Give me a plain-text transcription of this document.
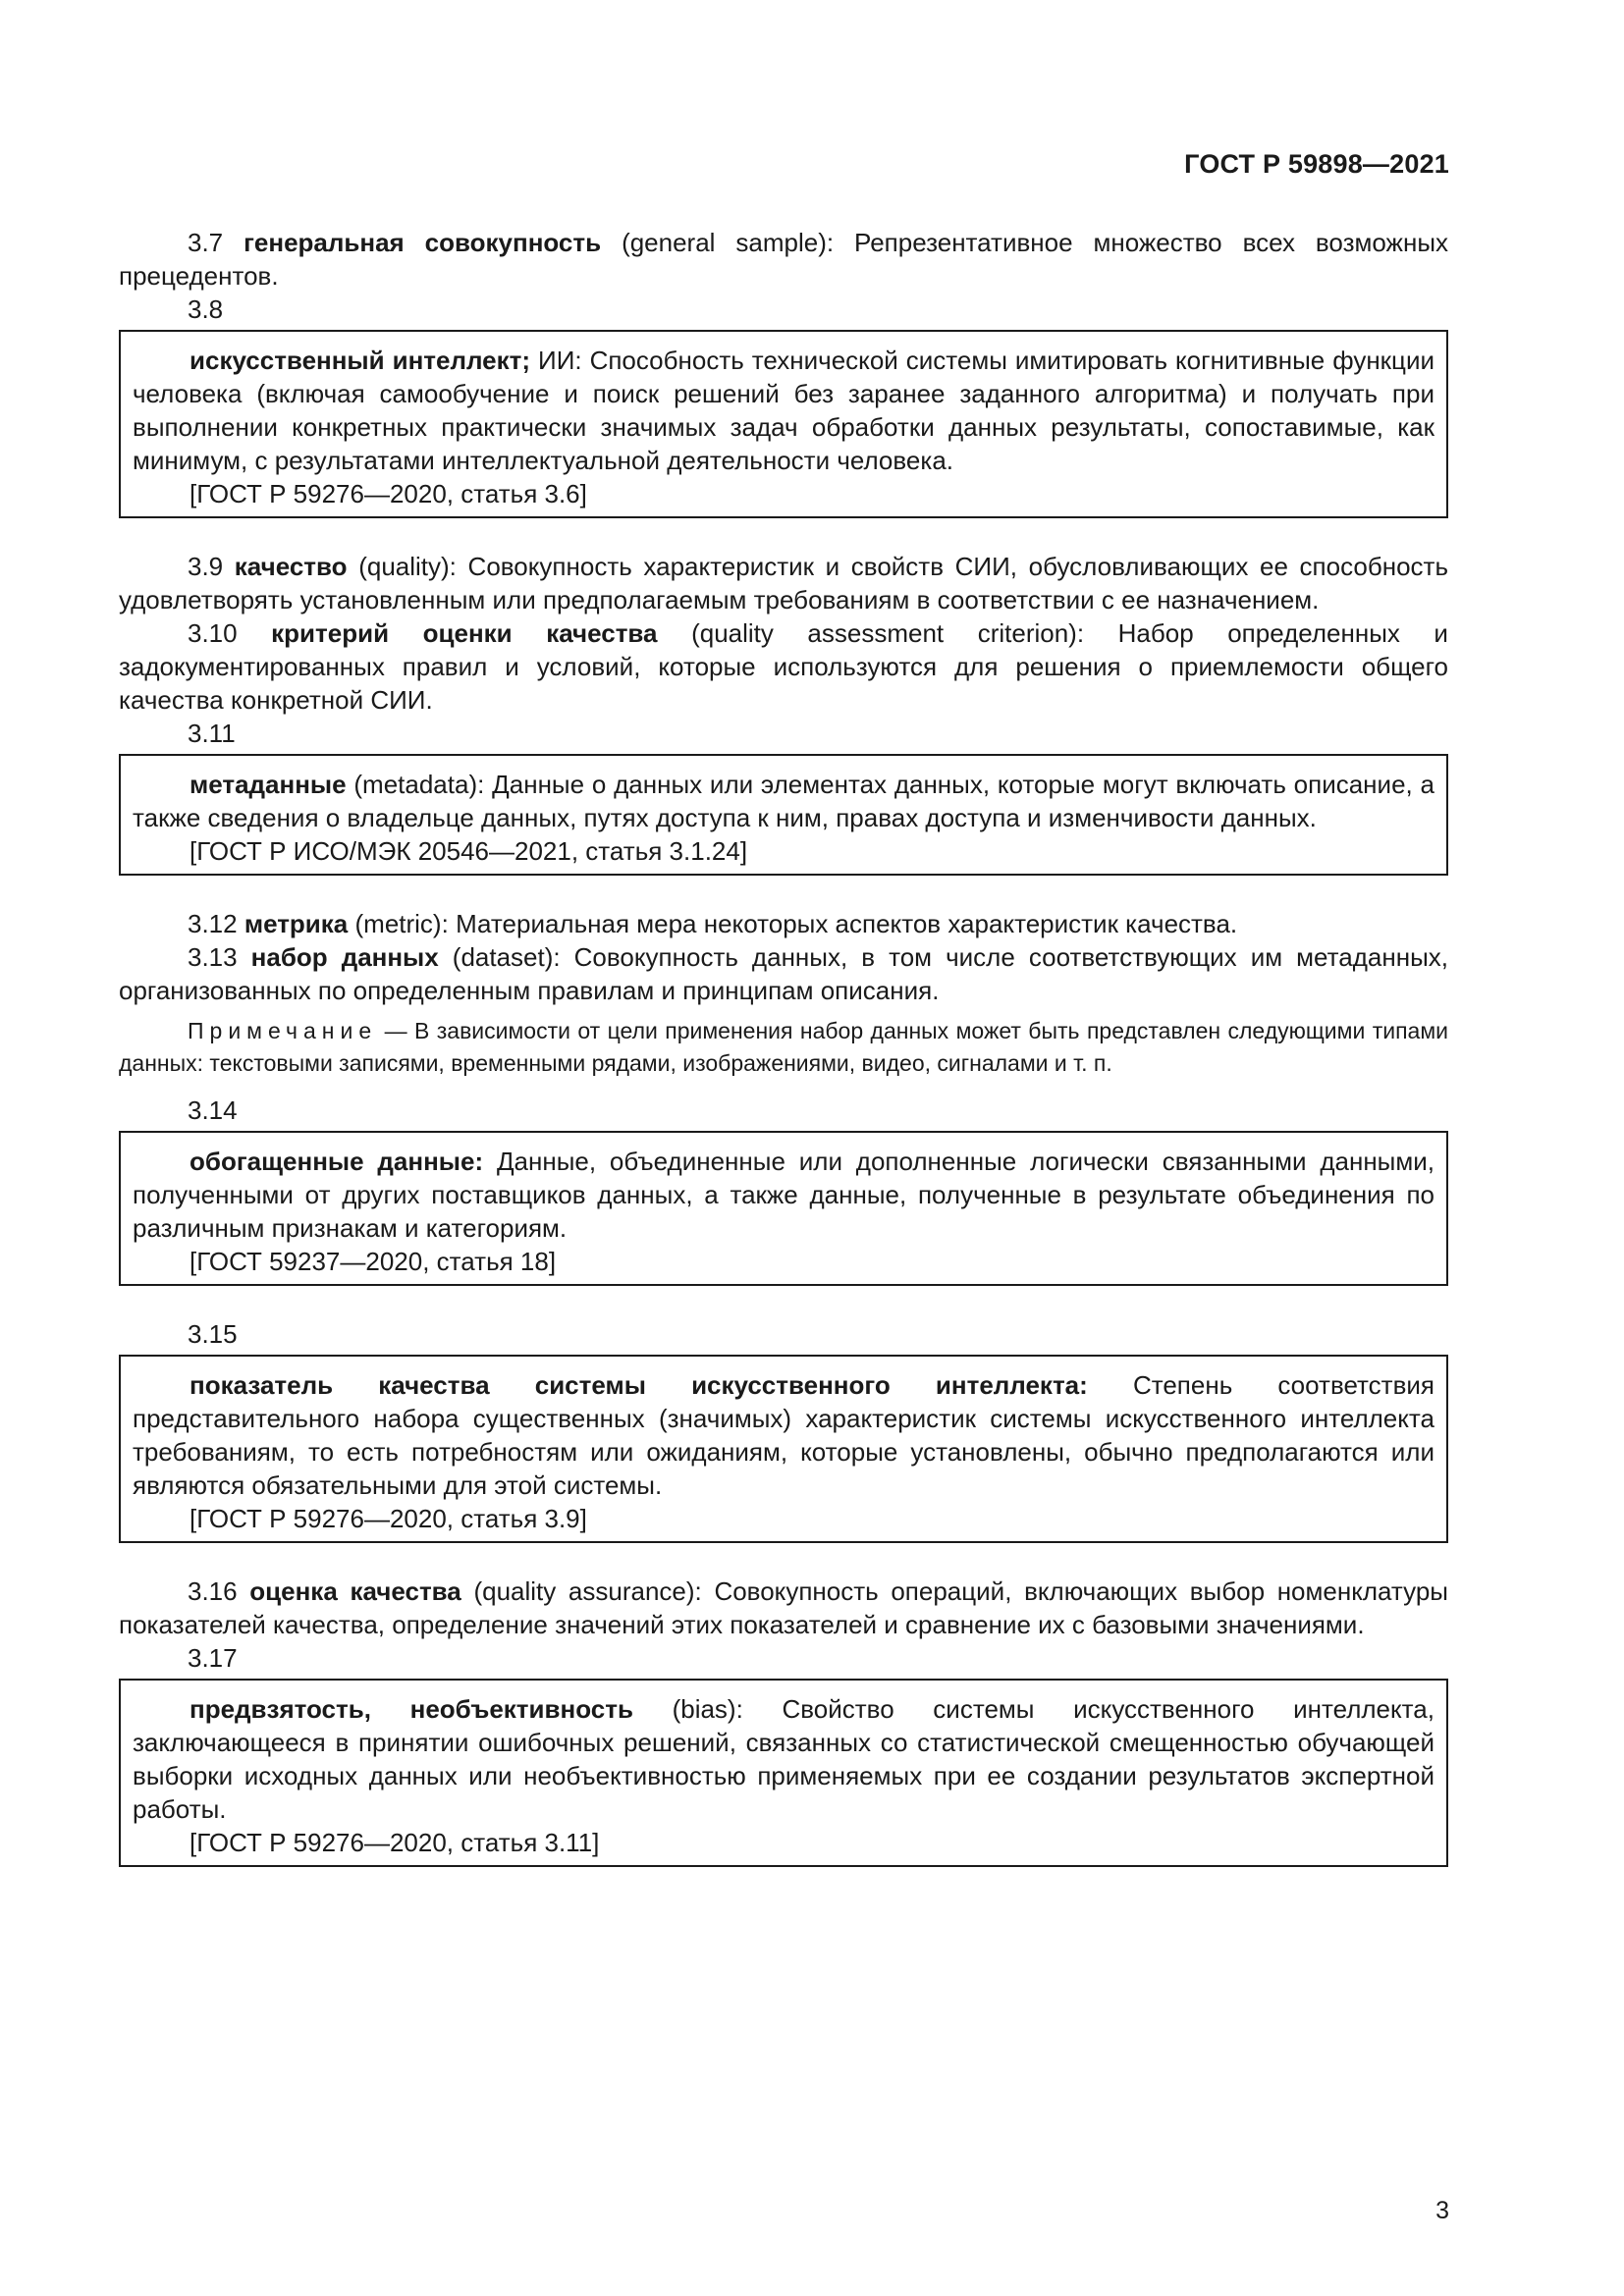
ГОСТ Р 59898—2021

3.7 генеральная совокупность (general sample): Репрезентативное множество всех возможных прецедентов.

3.8

искусственный интеллект; ИИ: Способность технической системы имитировать когнитивные функции человека (включая самообучение и поиск решений без заранее заданного алгоритма) и получать при выполнении конкретных практически значимых задач обработки данных результаты, сопоставимые, как минимум, с результатами интеллектуальной деятельности человека.

[ГОСТ Р 59276—2020, статья 3.6]

3.9 качество (quality): Совокупность характеристик и свойств СИИ, обусловливающих ее способность удовлетворять установленным или предполагаемым требованиям в соответствии с ее назначением.

3.10 критерий оценки качества (quality assessment criterion): Набор определенных и задокументированных правил и условий, которые используются для решения о приемлемости общего качества конкретной СИИ.

3.11

метаданные (metadata): Данные о данных или элементах данных, которые могут включать описание, а также сведения о владельце данных, путях доступа к ним, правах доступа и изменчивости данных.

[ГОСТ Р ИСО/МЭК 20546—2021, статья 3.1.24]

3.12 метрика (metric): Материальная мера некоторых аспектов характеристик качества.

3.13 набор данных (dataset): Совокупность данных, в том числе соответствующих им метаданных, организованных по определенным правилам и принципам описания.

Примечание — В зависимости от цели применения набор данных может быть представлен следующими типами данных: текстовыми записями, временными рядами, изображениями, видео, сигналами и т. п.

3.14

обогащенные данные: Данные, объединенные или дополненные логически связанными данными, полученными от других поставщиков данных, а также данные, полученные в результате объединения по различным признакам и категориям.

[ГОСТ 59237—2020, статья 18]

3.15

показатель качества системы искусственного интеллекта: Степень соответствия представительного набора существенных (значимых) характеристик системы искусственного интеллекта требованиям, то есть потребностям или ожиданиям, которые установлены, обычно предполагаются или являются обязательными для этой системы.

[ГОСТ Р 59276—2020, статья 3.9]

3.16 оценка качества (quality assurance): Совокупность операций, включающих выбор номенклатуры показателей качества, определение значений этих показателей и сравнение их с базовыми значениями.

3.17

предвзятость, необъективность (bias): Свойство системы искусственного интеллекта, заключающееся в принятии ошибочных решений, связанных со статистической смещенностью обучающей выборки исходных данных или необъективностью применяемых при ее создании результатов экспертной работы.

[ГОСТ Р 59276—2020, статья 3.11]

3
